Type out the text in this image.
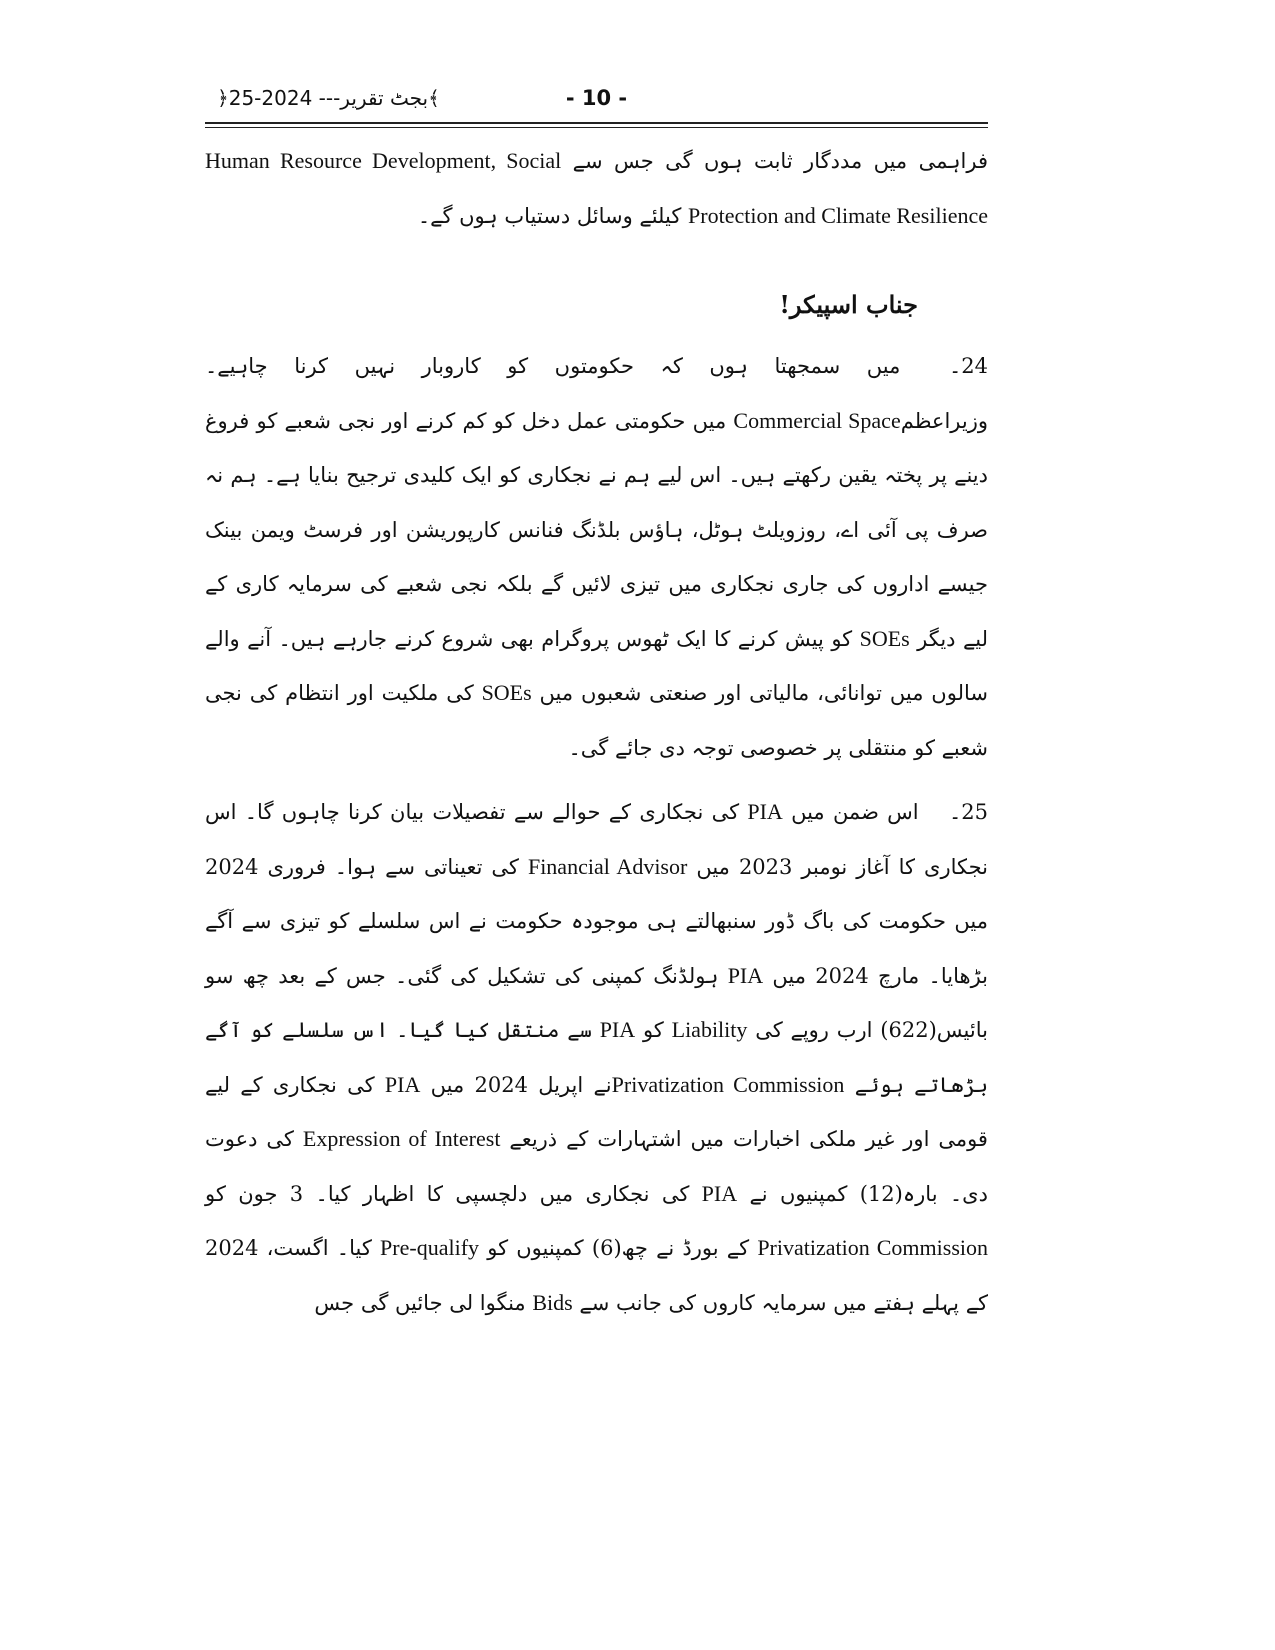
﴾بجٹ تقریر--- 2024-25﴿	- 10 -
فراہمی میں مددگار ثابت ہوں گی جس سے Human Resource Development, Social Protection and Climate Resilience کیلئے وسائل دستیاب ہوں گے۔
جناب اسپیکر!
24۔ میں سمجھتا ہوں کہ حکومتوں کو کاروبار نہیں کرنا چاہیے۔ وزیراعظمCommercial Space میں حکومتی عمل دخل کو کم کرنے اور نجی شعبے کو فروغ دینے پر پختہ یقین رکھتے ہیں۔ اس لیے ہم نے نجکاری کو ایک کلیدی ترجیح بنایا ہے۔ ہم نہ صرف پی آئی اے، روزویلٹ ہوٹل، ہاؤس بلڈنگ فنانس کارپوریشن اور فرسٹ ویمن بینک جیسے اداروں کی جاری نجکاری میں تیزی لائیں گے بلکہ نجی شعبے کی سرمایہ کاری کے لیے دیگر SOEs کو پیش کرنے کا ایک ٹھوس پروگرام بھی شروع کرنے جارہے ہیں۔ آنے والے سالوں میں توانائی، مالیاتی اور صنعتی شعبوں میں SOEs کی ملکیت اور انتظام کی نجی شعبے کو منتقلی پر خصوصی توجہ دی جائے گی۔
25۔ اس ضمن میں PIA کی نجکاری کے حوالے سے تفصیلات بیان کرنا چاہوں گا۔ اس نجکاری کا آغاز نومبر 2023 میں Financial Advisor کی تعیناتی سے ہوا۔ فروری 2024 میں حکومت کی باگ ڈور سنبھالتے ہی موجودہ حکومت نے اس سلسلے کو تیزی سے آگے بڑھایا۔ مارچ 2024 میں PIA ہولڈنگ کمپنی کی تشکیل کی گئی۔ جس کے بعد چھ سو بائیس(622) ارب روپے کی Liability کو PIA سے منتقل کیا گیا۔ اس سلسلے کو آگے بڑھاتے ہوئے Privatization Commissionنے اپریل 2024 میں PIA کی نجکاری کے لیے قومی اور غیر ملکی اخبارات میں اشتہارات کے ذریعے Expression of Interest کی دعوت دی۔ بارہ(12) کمپنیوں نے PIA کی نجکاری میں دلچسپی کا اظہار کیا۔ 3 جون کو Privatization Commission کے بورڈ نے چھ(6) کمپنیوں کو Pre-qualify کیا۔ اگست، 2024 کے پہلے ہفتے میں سرمایہ کاروں کی جانب سے Bids منگوا لی جائیں گی جس
